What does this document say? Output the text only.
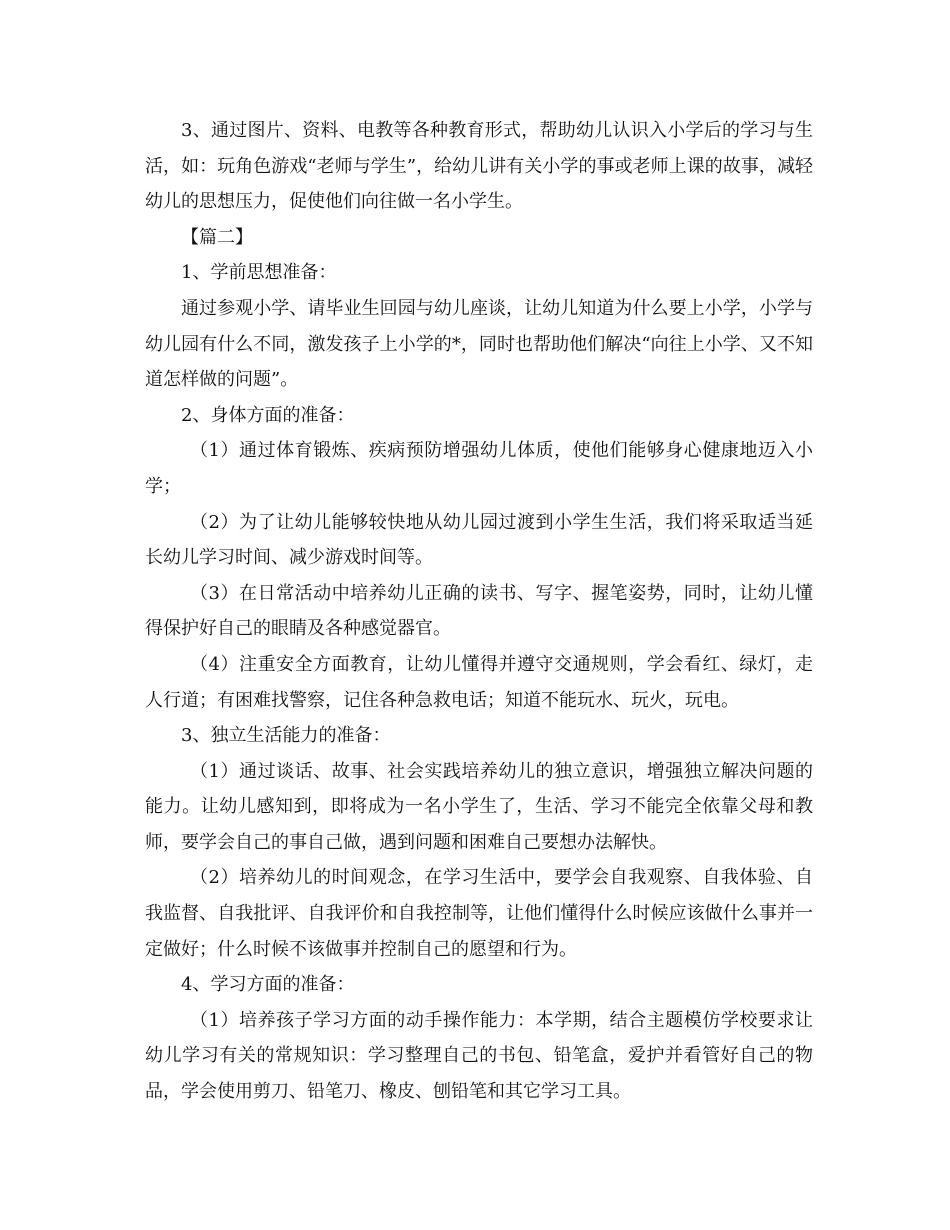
3、通过图片、资料、电教等各种教育形式，帮助幼儿认识入小学后的学习与生活，如：玩角色游戏“老师与学生”，给幼儿讲有关小学的事或老师上课的故事，减轻幼儿的思想压力，促使他们向往做一名小学生。

【篇二】

1、学前思想准备：

通过参观小学、请毕业生回园与幼儿座谈，让幼儿知道为什么要上小学，小学与幼儿园有什么不同，激发孩子上小学的*，同时也帮助他们解决“向往上小学、又不知道怎样做的问题”。

2、身体方面的准备：

（1）通过体育锻炼、疾病预防增强幼儿体质，使他们能够身心健康地迈入小学；

（2）为了让幼儿能够较快地从幼儿园过渡到小学生生活，我们将采取适当延长幼儿学习时间、减少游戏时间等。

（3）在日常活动中培养幼儿正确的读书、写字、握笔姿势，同时，让幼儿懂得保护好自己的眼睛及各种感觉器官。

（4）注重安全方面教育，让幼儿懂得并遵守交通规则，学会看红、绿灯，走人行道；有困难找警察，记住各种急救电话；知道不能玩水、玩火，玩电。

3、独立生活能力的准备：

（1）通过谈话、故事、社会实践培养幼儿的独立意识，增强独立解决问题的能力。让幼儿感知到，即将成为一名小学生了，生活、学习不能完全依靠父母和教师，要学会自己的事自己做，遇到问题和困难自己要想办法解快。

（2）培养幼儿的时间观念，在学习生活中，要学会自我观察、自我体验、自我监督、自我批评、自我评价和自我控制等，让他们懂得什么时候应该做什么事并一定做好；什么时候不该做事并控制自己的愿望和行为。

4、学习方面的准备：

（1）培养孩子学习方面的动手操作能力：本学期，结合主题模仿学校要求让幼儿学习有关的常规知识：学习整理自己的书包、铅笔盒，爱护并看管好自己的物品，学会使用剪刀、铅笔刀、橡皮、刨铅笔和其它学习工具。
